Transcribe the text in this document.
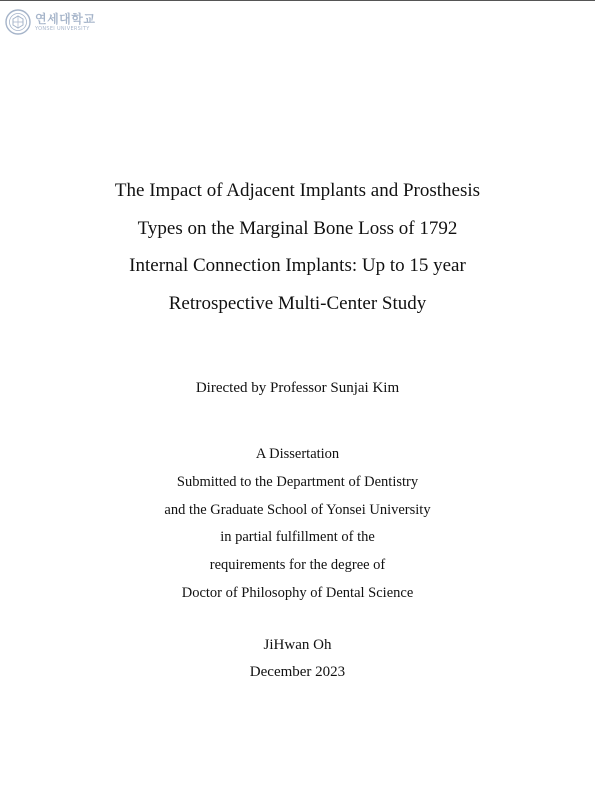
연세대학교
YONSEI UNIVERSITY
The Impact of Adjacent Implants and Prosthesis
Types on the Marginal Bone Loss of 1792
Internal Connection Implants: Up to 15 year
Retrospective Multi-Center Study
Directed by Professor Sunjai Kim
A Dissertation
Submitted to the Department of Dentistry
and the Graduate School of Yonsei University
in partial fulfillment of the
requirements for the degree of
Doctor of Philosophy of Dental Science
JiHwan Oh
December 2023
